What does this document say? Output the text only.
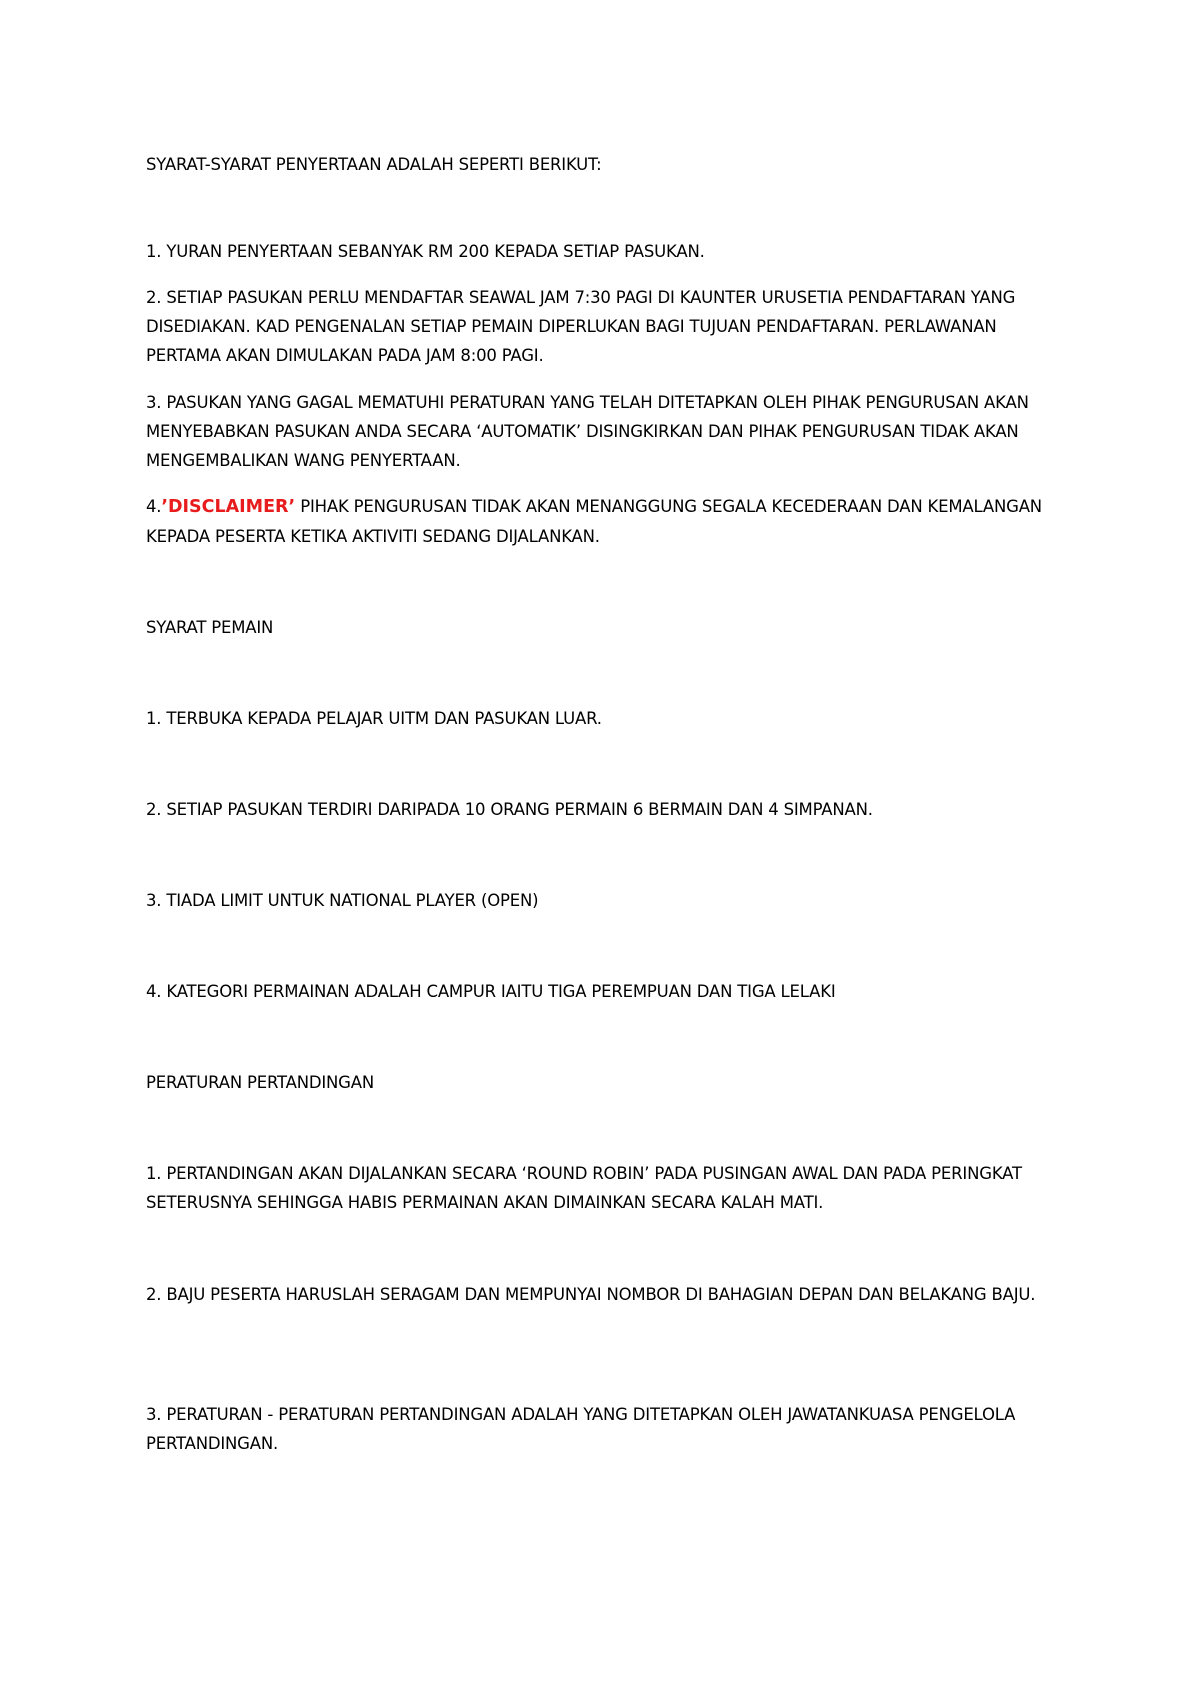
SYARAT-SYARAT PENYERTAAN ADALAH SEPERTI BERIKUT:

1. YURAN PENYERTAAN SEBANYAK RM 200 KEPADA SETIAP PASUKAN.

2. SETIAP PASUKAN PERLU MENDAFTAR SEAWAL JAM 7:30 PAGI DI KAUNTER URUSETIA PENDAFTARAN YANG DISEDIAKAN. KAD PENGENALAN SETIAP PEMAIN DIPERLUKAN BAGI TUJUAN PENDAFTARAN. PERLAWANAN PERTAMA AKAN DIMULAKAN PADA JAM 8:00 PAGI.

3. PASUKAN YANG GAGAL MEMATUHI PERATURAN YANG TELAH DITETAPKAN OLEH PIHAK PENGURUSAN AKAN MENYEBABKAN PASUKAN ANDA SECARA ‘AUTOMATIK’ DISINGKIRKAN DAN PIHAK PENGURUSAN TIDAK AKAN MENGEMBALIKAN WANG PENYERTAAN.

4.’DISCLAIMER’ PIHAK PENGURUSAN TIDAK AKAN MENANGGUNG SEGALA KECEDERAAN DAN KEMALANGAN KEPADA PESERTA KETIKA AKTIVITI SEDANG DIJALANKAN.

SYARAT PEMAIN

1. TERBUKA KEPADA PELAJAR UITM DAN PASUKAN LUAR.

2. SETIAP PASUKAN TERDIRI DARIPADA 10 ORANG PERMAIN 6 BERMAIN DAN 4 SIMPANAN.

3. TIADA LIMIT UNTUK NATIONAL PLAYER (OPEN)

4. KATEGORI PERMAINAN ADALAH CAMPUR IAITU TIGA PEREMPUAN DAN TIGA LELAKI

PERATURAN PERTANDINGAN

1. PERTANDINGAN AKAN DIJALANKAN SECARA ‘ROUND ROBIN’ PADA PUSINGAN AWAL DAN PADA PERINGKAT SETERUSNYA SEHINGGA HABIS PERMAINAN AKAN DIMAINKAN SECARA KALAH MATI.

2. BAJU PESERTA HARUSLAH SERAGAM DAN MEMPUNYAI NOMBOR DI BAHAGIAN DEPAN DAN BELAKANG BAJU.

3. PERATURAN - PERATURAN PERTANDINGAN ADALAH YANG DITETAPKAN OLEH JAWATANKUASA PENGELOLA PERTANDINGAN.
